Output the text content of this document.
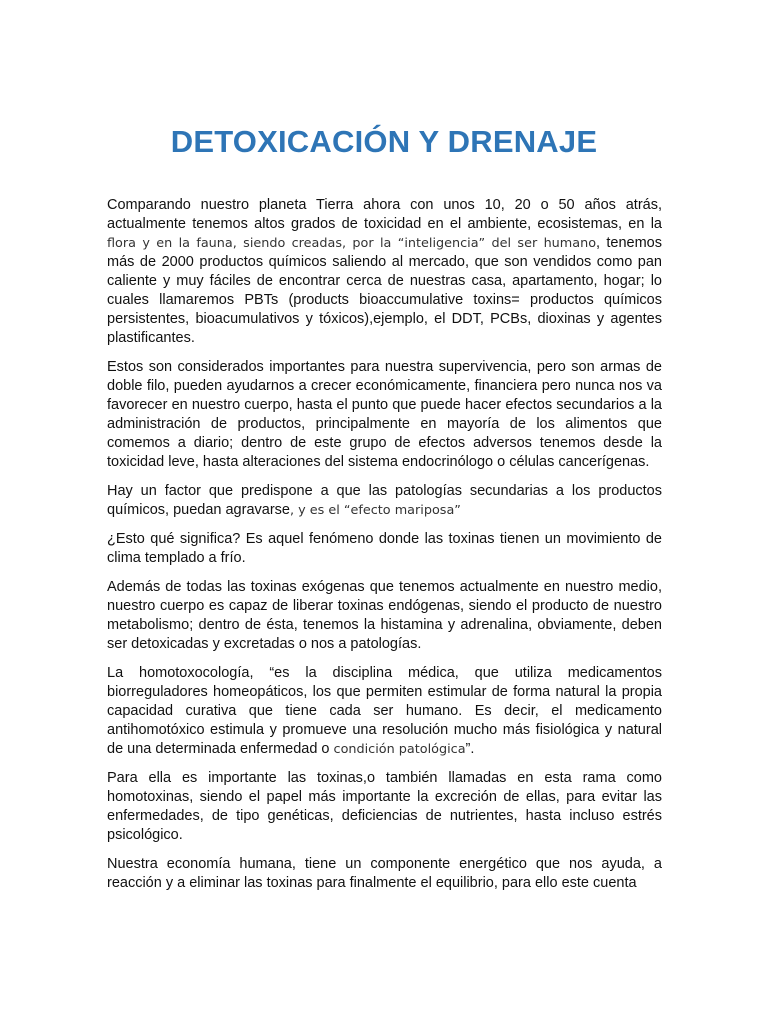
DETOXICACIÓN Y DRENAJE

Comparando nuestro planeta Tierra ahora con unos 10, 20 o 50 años atrás, actualmente tenemos altos grados de toxicidad en el ambiente, ecosistemas, en la flora y en la fauna, siendo creadas, por la “inteligencia” del ser humano, tenemos más de 2000 productos químicos saliendo al mercado, que son vendidos como pan caliente y muy fáciles de encontrar cerca de nuestras casa, apartamento, hogar; lo cuales llamaremos PBTs (products bioaccumulative toxins= productos químicos persistentes, bioacumulativos y tóxicos),ejemplo, el DDT, PCBs, dioxinas y agentes plastificantes.

Estos son considerados importantes para nuestra supervivencia, pero son armas de doble filo, pueden ayudarnos a crecer económicamente, financiera pero nunca nos va favorecer en nuestro cuerpo, hasta el punto que puede hacer efectos secundarios a la administración de productos, principalmente en mayoría de los alimentos que comemos a diario; dentro de este grupo de efectos adversos tenemos desde la toxicidad leve, hasta alteraciones del sistema endocrinólogo o células cancerígenas.

Hay un factor que predispone a que las patologías secundarias a los productos químicos, puedan agravarse, y es el “efecto mariposa”

¿Esto qué significa? Es aquel fenómeno donde las toxinas tienen un movimiento de clima templado a frío.

Además de todas las toxinas exógenas que tenemos actualmente en nuestro medio, nuestro cuerpo es capaz de liberar toxinas endógenas, siendo el producto de nuestro metabolismo; dentro de ésta, tenemos la histamina y adrenalina, obviamente, deben ser detoxicadas y excretadas o nos a patologías.

La homotoxocología, “es la disciplina médica, que utiliza medicamentos biorreguladores homeopáticos, los que permiten estimular de forma natural la propia capacidad curativa que tiene cada ser humano. Es decir, el medicamento antihomotóxico estimula y promueve una resolución mucho más fisiológica y natural de una determinada enfermedad o condición patológica”.

Para ella es importante las toxinas,o también llamadas en esta rama como homotoxinas, siendo el papel más importante la excreción de ellas, para evitar las enfermedades, de tipo genéticas, deficiencias de nutrientes, hasta incluso estrés psicológico.

Nuestra economía humana, tiene un componente energético que nos ayuda, a reacción y a eliminar las toxinas para finalmente el equilibrio, para ello este cuenta
